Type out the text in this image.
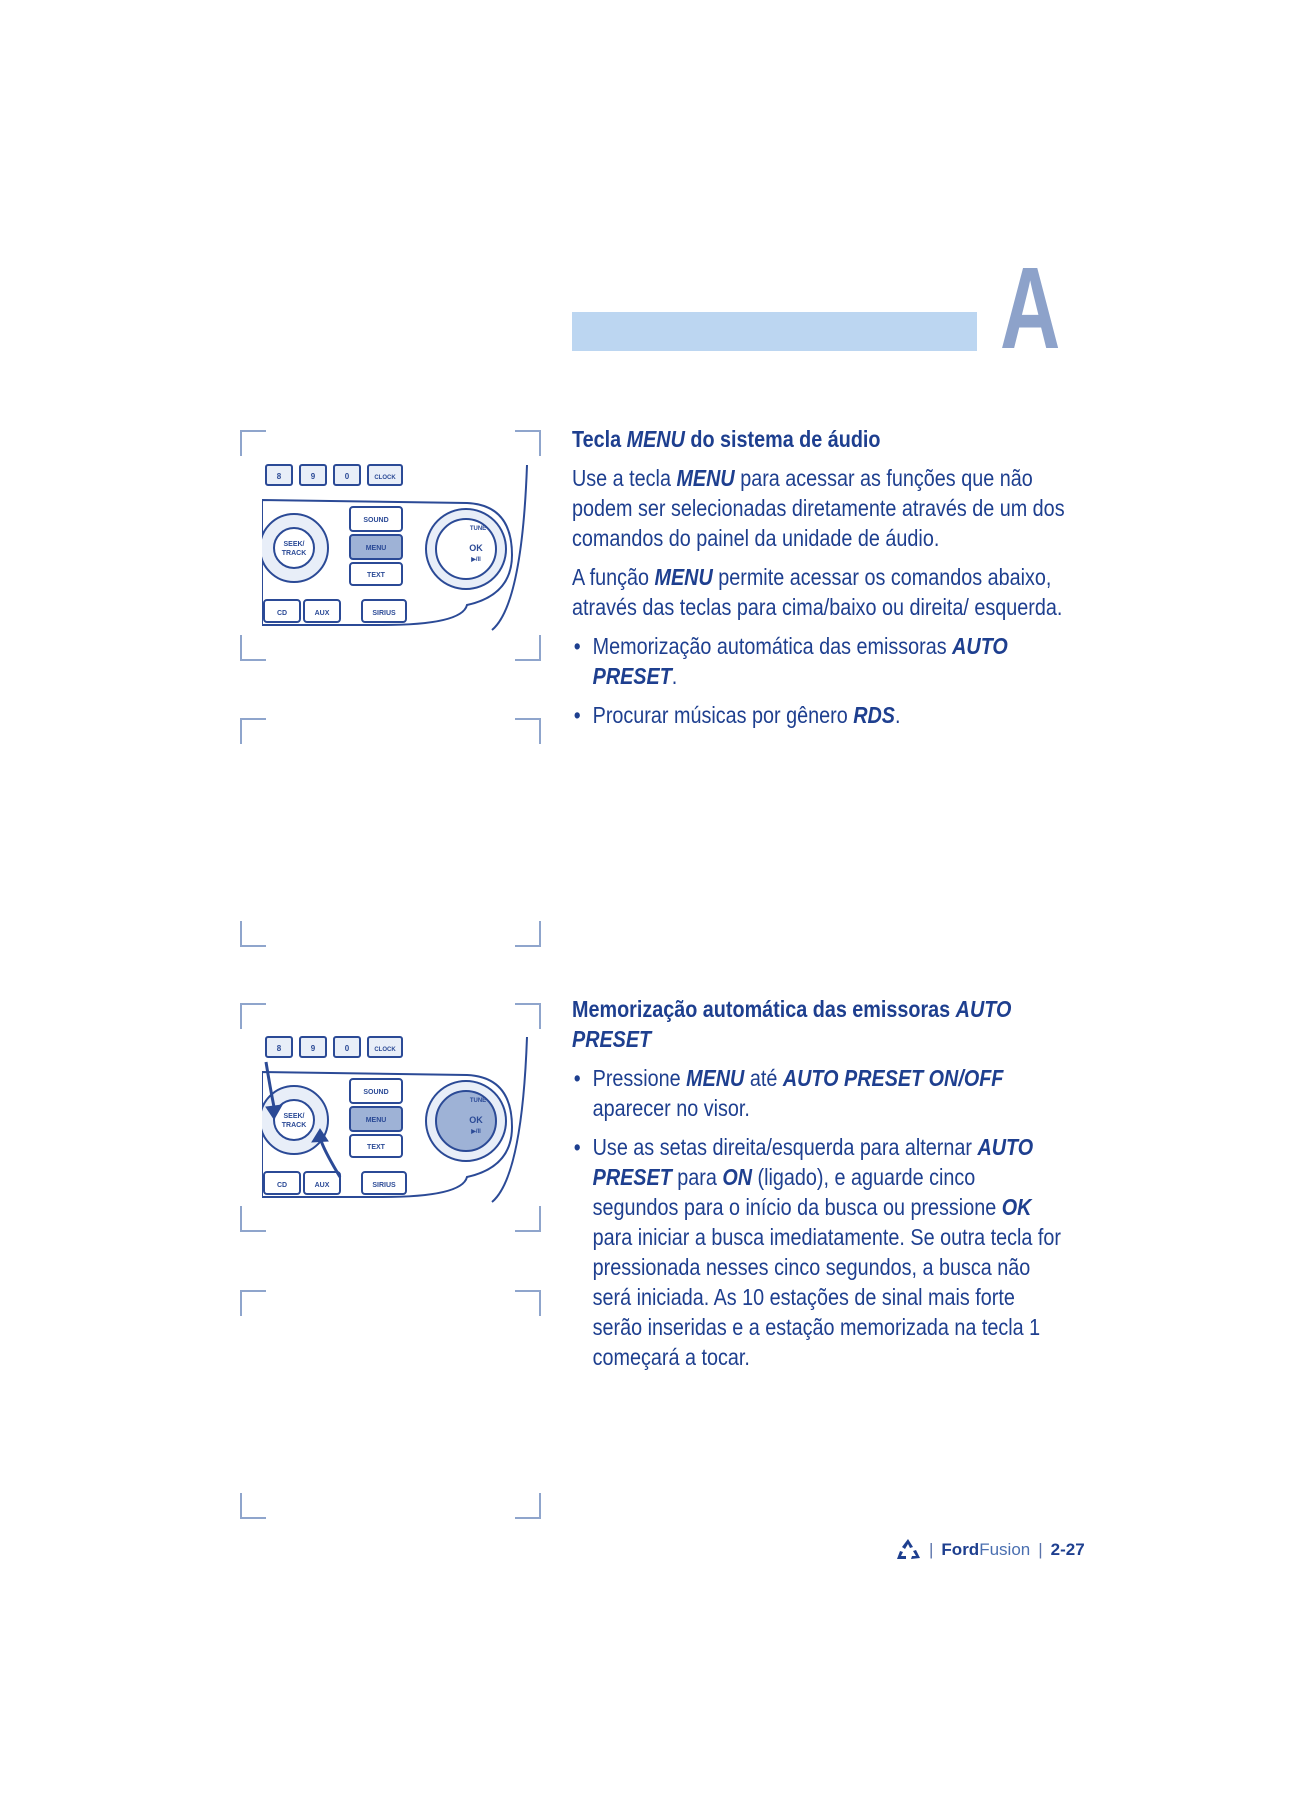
A
8	9	0	CLOCK
SOUND
MENU
TEXT
SEEK/
TRACK
TUNE
OK
▶/II
CD	AUX	SIRIUS
8	9	0	CLOCK
SOUND
MENU
TEXT
SEEK/
TRACK
TUNE
OK
▶/II
CD	AUX	SIRIUS

Tecla MENU do sistema de áudio

Use a tecla MENU para acessar as funções que não podem ser selecionadas diretamente através de um dos comandos do painel da unidade de áudio.

A função MENU permite acessar os comandos abaixo, através das teclas para cima/baixo ou direita/ esquerda.

• Memorização automática das emissoras AUTO PRESET.
• Procurar músicas por gênero RDS.

Memorização automática das emissoras AUTO PRESET

• Pressione MENU até AUTO PRESET ON/OFF aparecer no visor.
• Use as setas direita/esquerda para alternar AUTO PRESET para ON (ligado), e aguarde cinco segundos para o início da busca ou pressione OK para iniciar a busca imediatamente. Se outra tecla for pressionada nesses cinco segundos, a busca não será iniciada. As 10 estações de sinal mais forte serão inseridas e a estação memorizada na tecla 1 começará a tocar.
| FordFusion | 2-27
